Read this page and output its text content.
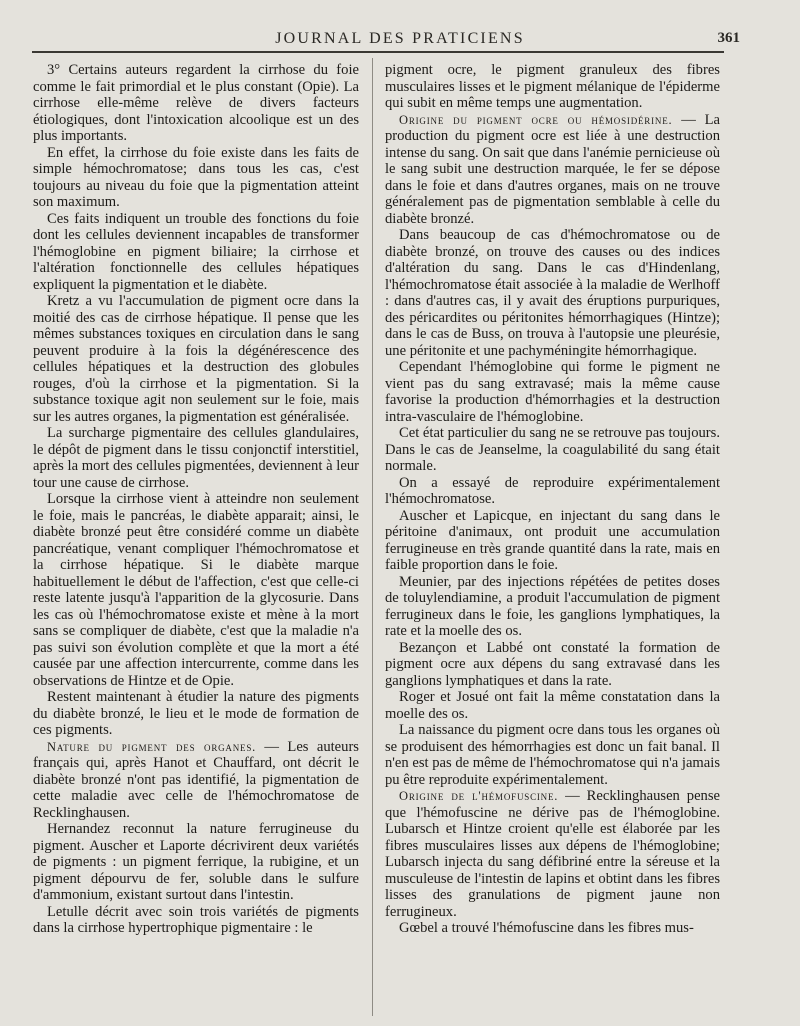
JOURNAL DES PRATICIENS	361

3° Certains auteurs regardent la cirrhose du foie comme le fait primordial et le plus constant (Opie). La cirrhose elle-même relève de divers facteurs étiologiques, dont l'intoxication alcoolique est un des plus importants.

En effet, la cirrhose du foie existe dans les faits de simple hémochromatose; dans tous les cas, c'est toujours au niveau du foie que la pigmentation atteint son maximum.

Ces faits indiquent un trouble des fonctions du foie dont les cellules deviennent incapables de transformer l'hémoglobine en pigment biliaire; la cirrhose et l'altération fonctionnelle des cellules hépatiques expliquent la pigmentation et le diabète.

Kretz a vu l'accumulation de pigment ocre dans la moitié des cas de cirrhose hépatique. Il pense que les mêmes substances toxiques en circulation dans le sang peuvent produire à la fois la dégénérescence des cellules hépatiques et la destruction des globules rouges, d'où la cirrhose et la pigmentation. Si la substance toxique agit non seulement sur le foie, mais sur les autres organes, la pigmentation est généralisée.

La surcharge pigmentaire des cellules glandulaires, le dépôt de pigment dans le tissu conjonctif interstitiel, après la mort des cellules pigmentées, deviennent à leur tour une cause de cirrhose.

Lorsque la cirrhose vient à atteindre non seulement le foie, mais le pancréas, le diabète apparait; ainsi, le diabète bronzé peut être considéré comme un diabète pancréatique, venant compliquer l'hémochromatose et la cirrhose hépatique. Si le diabète marque habituellement le début de l'affection, c'est que celle-ci reste latente jusqu'à l'apparition de la glycosurie. Dans les cas où l'hémochromatose existe et mène à la mort sans se compliquer de diabète, c'est que la maladie n'a pas suivi son évolution complète et que la mort a été causée par une affection intercurrente, comme dans les observations de Hintze et de Opie.

Restent maintenant à étudier la nature des pigments du diabète bronzé, le lieu et le mode de formation de ces pigments.

Nature du pigment des organes. — Les auteurs français qui, après Hanot et Chauffard, ont décrit le diabète bronzé n'ont pas identifié, la pigmentation de cette maladie avec celle de l'hémochromatose de Recklinghausen.

Hernandez reconnut la nature ferrugineuse du pigment. Auscher et Laporte décrivirent deux variétés de pigments : un pigment ferrique, la rubigine, et un pigment dépourvu de fer, soluble dans le sulfure d'ammonium, existant surtout dans l'intestin.

Letulle décrit avec soin trois variétés de pigments dans la cirrhose hypertrophique pigmentaire : le

pigment ocre, le pigment granuleux des fibres musculaires lisses et le pigment mélanique de l'épiderme qui subit en même temps une augmentation.

Origine du pigment ocre ou hémosidérine. — La production du pigment ocre est liée à une destruction intense du sang. On sait que dans l'anémie pernicieuse où le sang subit une destruction marquée, le fer se dépose dans le foie et dans d'autres organes, mais on ne trouve généralement pas de pigmentation semblable à celle du diabète bronzé.

Dans beaucoup de cas d'hémochromatose ou de diabète bronzé, on trouve des causes ou des indices d'altération du sang. Dans le cas d'Hindenlang, l'hémochromatose était associée à la maladie de Werlhoff : dans d'autres cas, il y avait des éruptions purpuriques, des péricardites ou péritonites hémorrhagiques (Hintze); dans le cas de Buss, on trouva à l'autopsie une pleurésie, une péritonite et une pachyméningite hémorrhagique.

Cependant l'hémoglobine qui forme le pigment ne vient pas du sang extravasé; mais la même cause favorise la production d'hémorrhagies et la destruction intra-vasculaire de l'hémoglobine.

Cet état particulier du sang ne se retrouve pas toujours. Dans le cas de Jeanselme, la coagulabilité du sang était normale.

On a essayé de reproduire expérimentalement l'hémochromatose.

Auscher et Lapicque, en injectant du sang dans le péritoine d'animaux, ont produit une accumulation ferrugineuse en très grande quantité dans la rate, mais en faible proportion dans le foie.

Meunier, par des injections répétées de petites doses de toluylendiamine, a produit l'accumulation de pigment ferrugineux dans le foie, les ganglions lymphatiques, la rate et la moelle des os.

Bezançon et Labbé ont constaté la formation de pigment ocre aux dépens du sang extravasé dans les ganglions lymphatiques et dans la rate.

Roger et Josué ont fait la même constatation dans la moelle des os.

La naissance du pigment ocre dans tous les organes où se produisent des hémorrhagies est donc un fait banal. Il n'en est pas de même de l'hémochromatose qui n'a jamais pu être reproduite expérimentalement.

Origine de l'hémofuscine. — Recklinghausen pense que l'hémofuscine ne dérive pas de l'hémoglobine. Lubarsch et Hintze croient qu'elle est élaborée par les fibres musculaires lisses aux dépens de l'hémoglobine; Lubarsch injecta du sang défibriné entre la séreuse et la musculeuse de l'intestin de lapins et obtint dans les fibres lisses des granulations de pigment jaune non ferrugineux.

Gœbel a trouvé l'hémofuscine dans les fibres mus-
